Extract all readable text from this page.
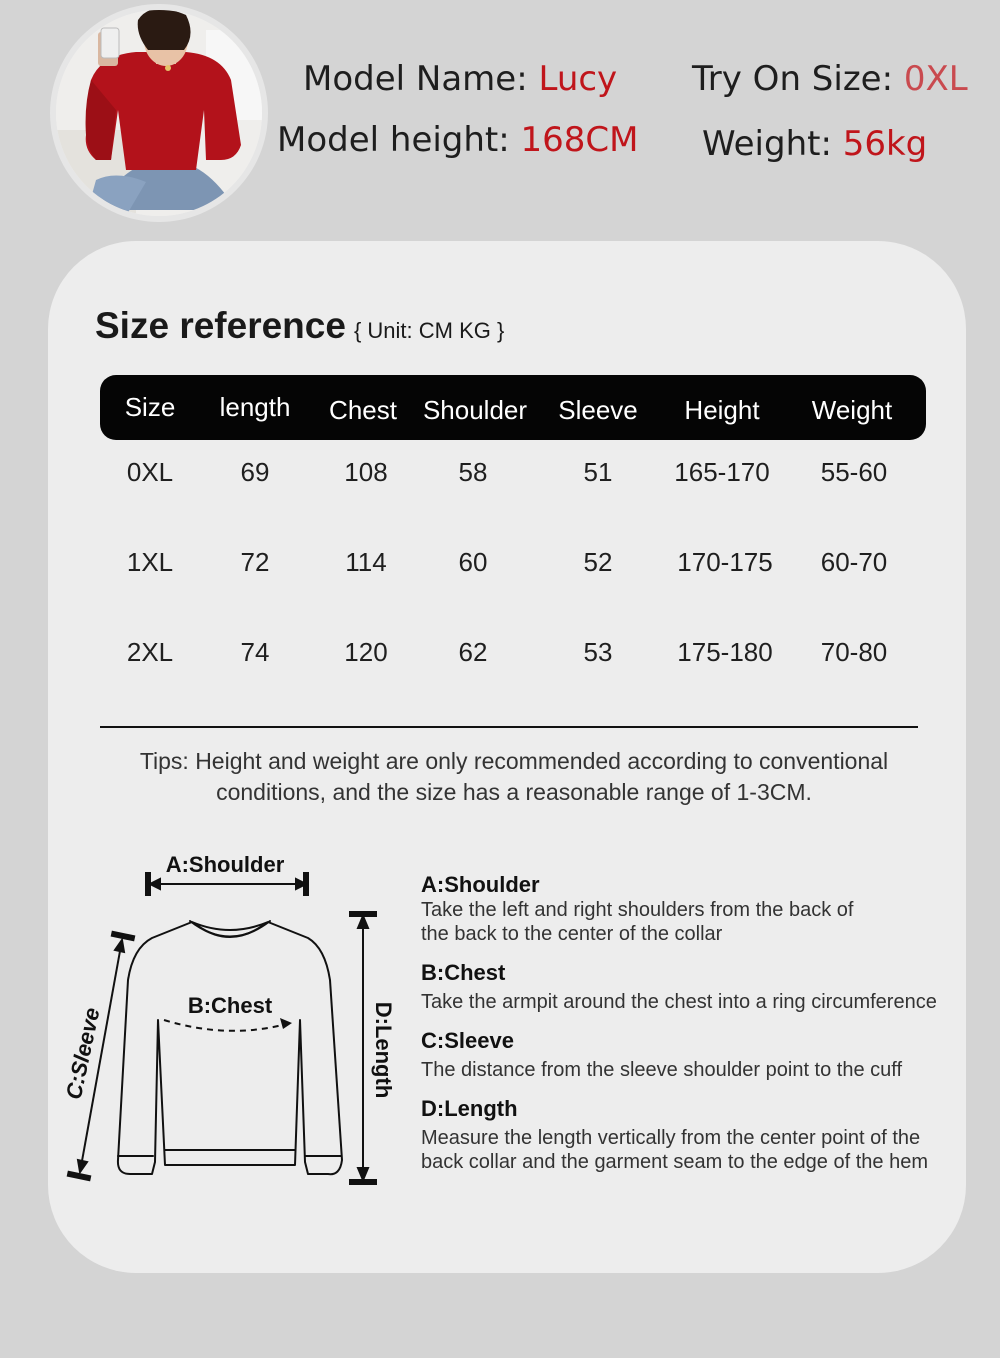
Model Name: Lucy
Model height: 168CM
Try On Size: 0XL
Weight: 56kg
Size reference { Unit: CM KG }
Size length Chest Shoulder Sleeve Height Weight
0XL	69	108	58	51 165-170 55-60
1XL	72	114	60	52 170-175 60-70
2XL	74	120	62	53 175-180 70-80
Tips: Height and weight are only recommended according to conventional
conditions, and the size has a reasonable range of 1-3CM.
A:Shoulder
B:Chest
C:Sleeve	D:Length
A:Shoulder
Take the left and right shoulders from the back of
the back to the center of the collar
B:Chest
Take the armpit around the chest into a ring circumference
C:Sleeve
The distance from the sleeve shoulder point to the cuff
D:Length
Measure the length vertically from the center point of the
back collar and the garment seam to the edge of the hem
